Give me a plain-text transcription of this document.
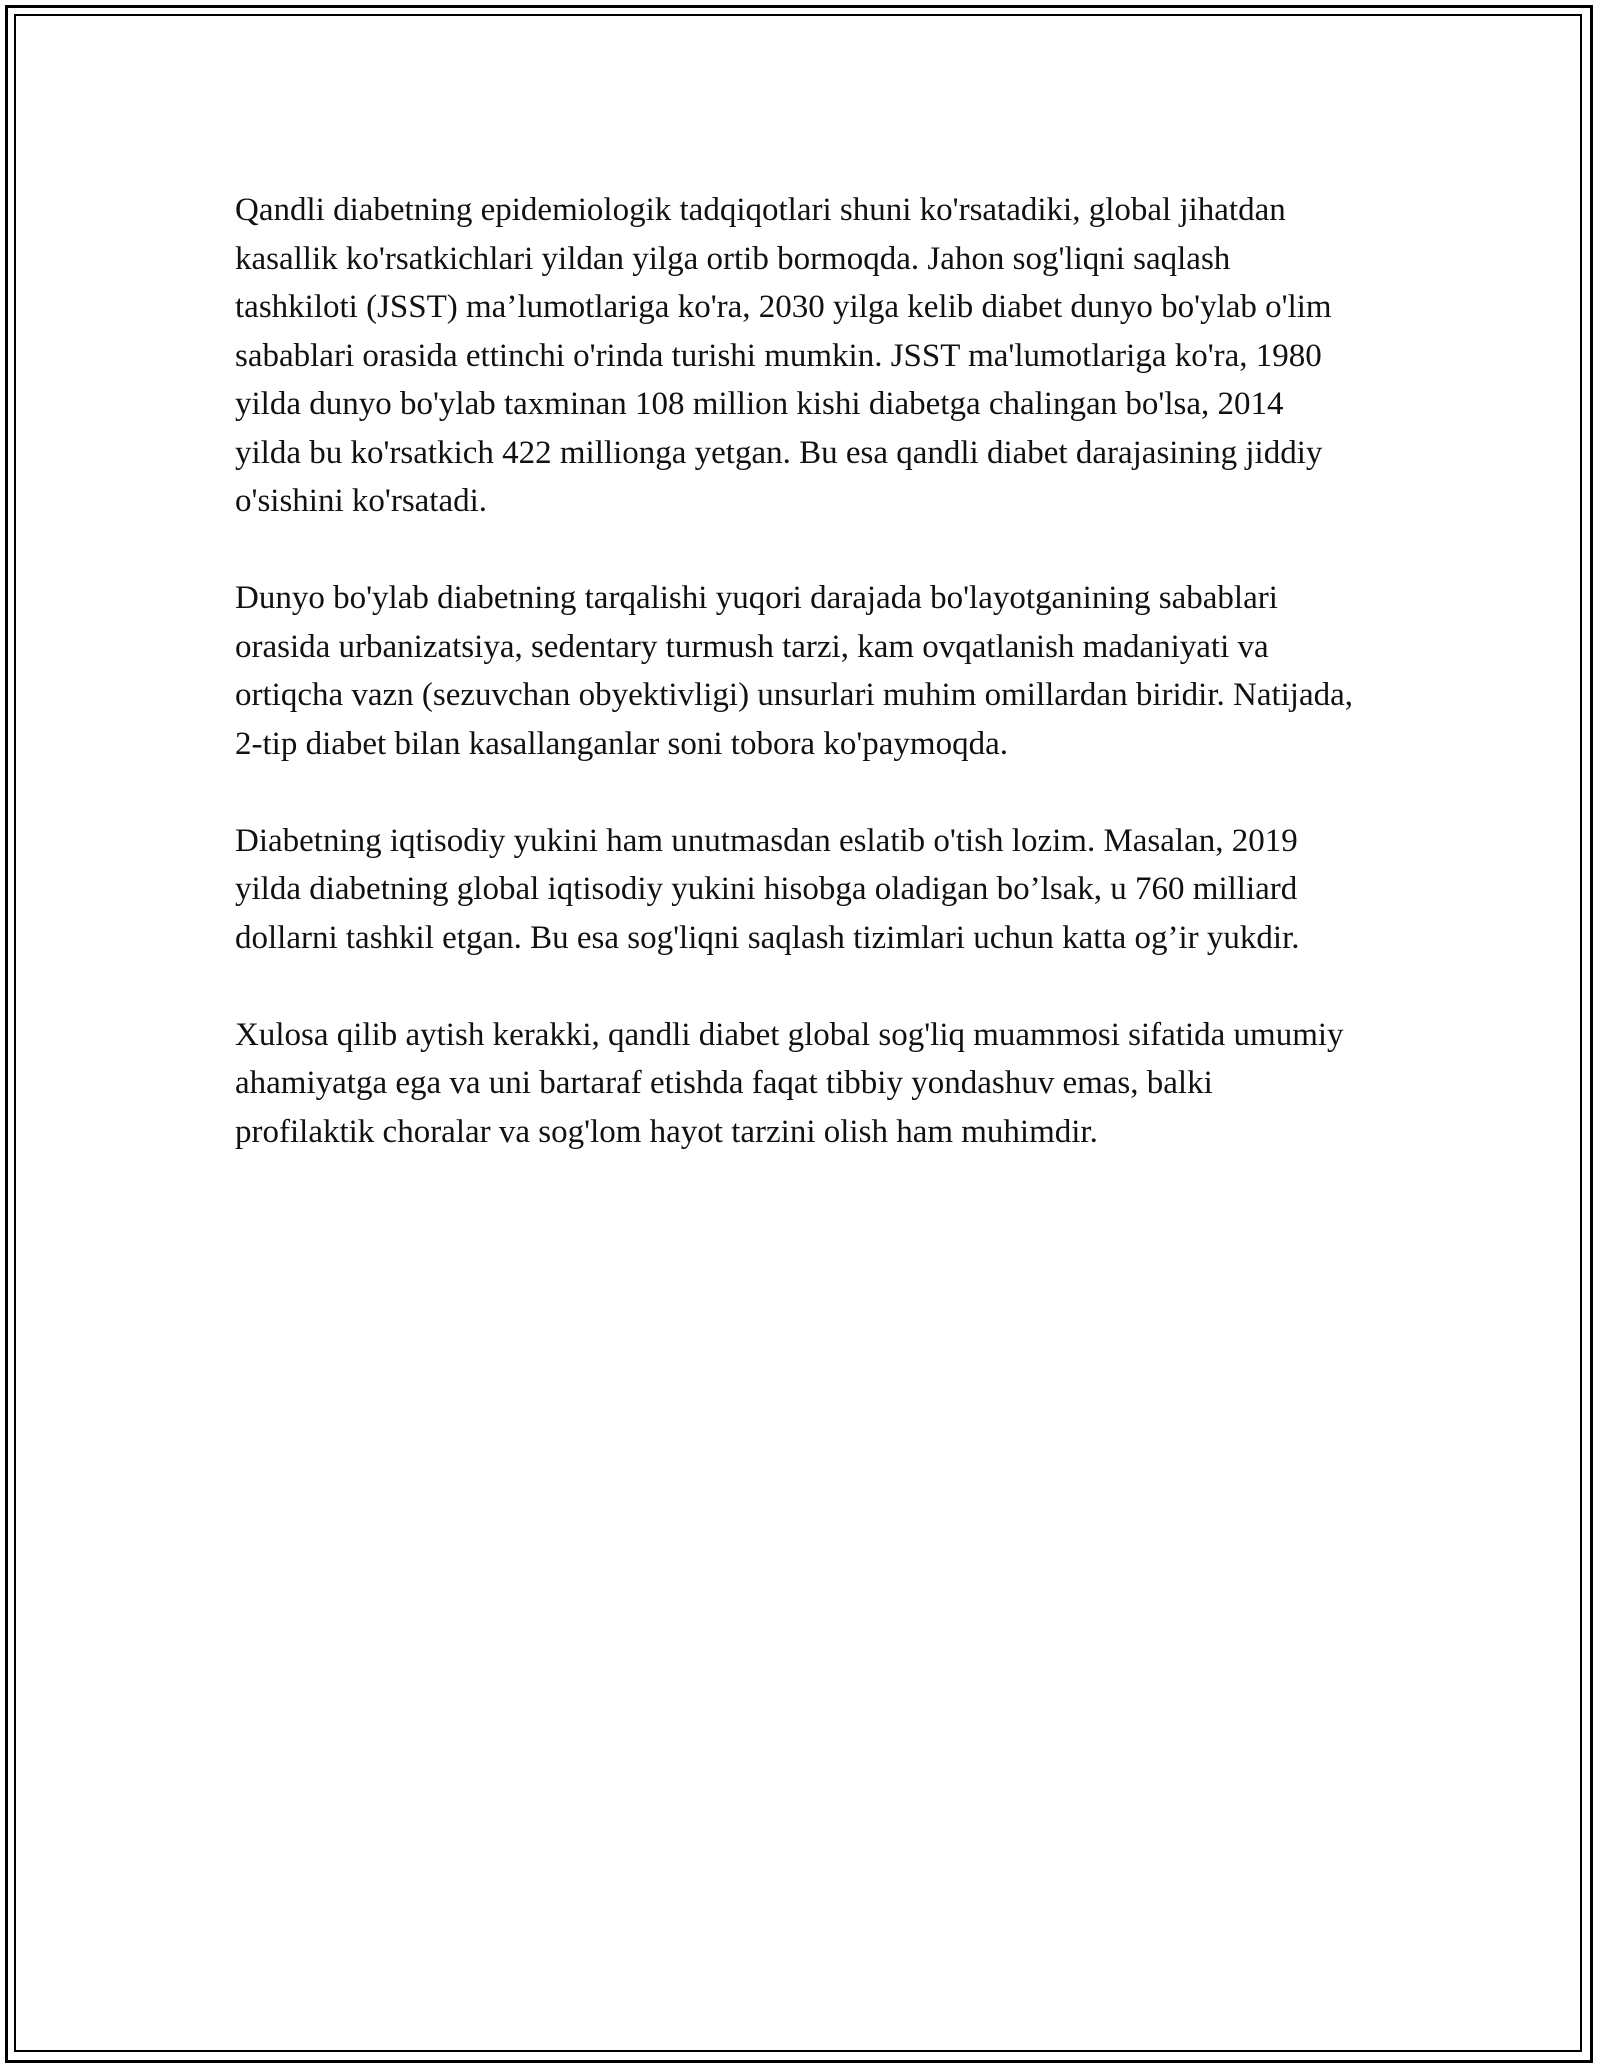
Qandli diabetning epidemiologik tadqiqotlari shuni ko'rsatadiki, global jihatdan kasallik ko'rsatkichlari yildan yilga ortib bormoqda. Jahon sog'liqni saqlash tashkiloti (JSST) ma’lumotlariga ko'ra, 2030 yilga kelib diabet dunyo bo'ylab o'lim sabablari orasida ettinchi o'rinda turishi mumkin. JSST ma'lumotlariga ko'ra, 1980 yilda dunyo bo'ylab taxminan 108 million kishi diabetga chalingan bo'lsa, 2014 yilda bu ko'rsatkich 422 millionga yetgan. Bu esa qandli diabet darajasining jiddiy o'sishini ko'rsatadi.

Dunyo bo'ylab diabetning tarqalishi yuqori darajada bo'layotganining sabablari orasida urbanizatsiya, sedentary turmush tarzi, kam ovqatlanish madaniyati va ortiqcha vazn (sezuvchan obyektivligi) unsurlari muhim omillardan biridir. Natijada, 2-tip diabet bilan kasallanganlar soni tobora ko'paymoqda.

Diabetning iqtisodiy yukini ham unutmasdan eslatib o'tish lozim. Masalan, 2019 yilda diabetning global iqtisodiy yukini hisobga oladigan bo’lsak, u 760 milliard dollarni tashkil etgan. Bu esa sog'liqni saqlash tizimlari uchun katta og’ir yukdir.

Xulosa qilib aytish kerakki, qandli diabet global sog'liq muammosi sifatida umumiy ahamiyatga ega va uni bartaraf etishda faqat tibbiy yondashuv emas, balki profilaktik choralar va sog'lom hayot tarzini olish ham muhimdir.
